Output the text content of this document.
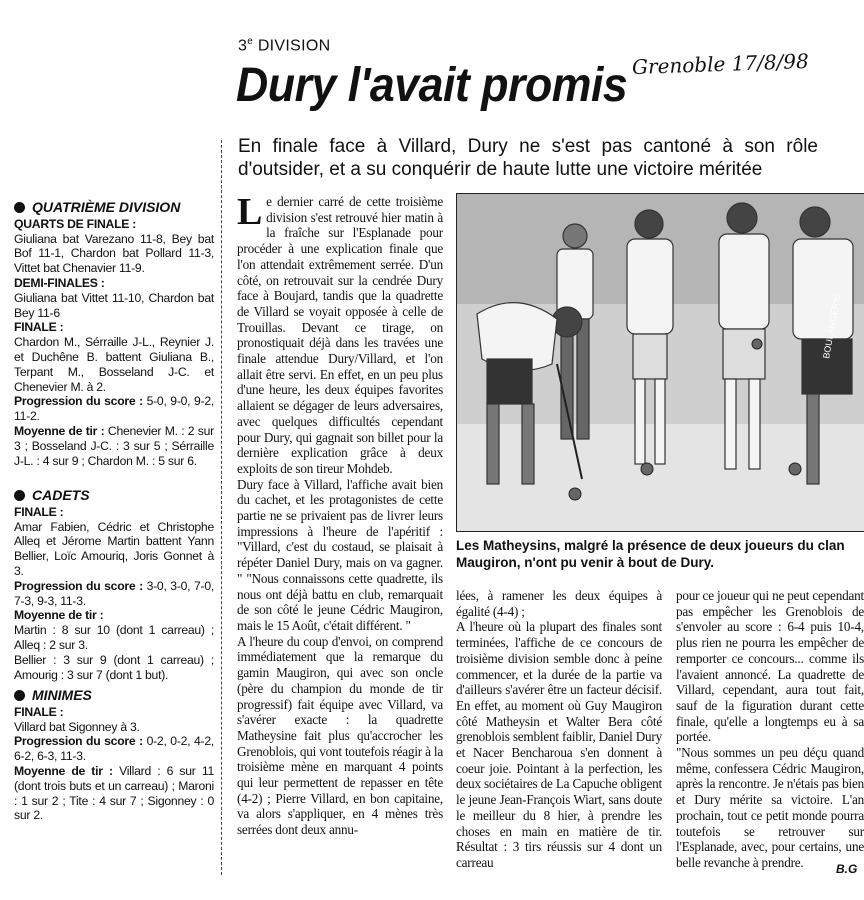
3e DIVISION
Dury l'avait promis Grenoble 17/8/98
En finale face à Villard, Dury ne s'est pas cantoné à son rôle d'outsider, et a su conquérir de haute lutte une victoire méritée
QUATRIÈME DIVISION

QUARTS DE FINALE :

Giuliana bat Varezano 11-8, Bey bat Bof 11-1, Chardon bat Pollard 11-3, Vittet bat Chenavier 11-9.

DEMI-FINALES :

Giuliana bat Vittet 11-10, Chardon bat Bey 11-6

FINALE :

Chardon M., Sérraille J-L., Reynier J. et Duchêne B. battent Giuliana B., Terpant M., Bosseland J-C. et Chenevier M. à 2.

Progression du score : 5-0, 9-0, 9-2, 11-2.

Moyenne de tir : Chenevier M. : 2 sur 3 ; Bosseland J-C. : 3 sur 5 ; Sérraille J-L. : 4 sur 9 ; Chardon M. : 5 sur 6.

CADETS

FINALE :

Amar Fabien, Cédric et Christophe Alleq et Jérome Martin battent Yann Bellier, Loïc Amouriq, Joris Gonnet à 3.

Progression du score : 3-0, 3-0, 7-0, 7-3, 9-3, 11-3.

Moyenne de tir :

Martin : 8 sur 10 (dont 1 carreau) ; Alleq : 2 sur 3.

Bellier : 3 sur 9 (dont 1 carreau) ; Amourig : 3 sur 7 (dont 1 but).

MINIMES

FINALE :

Villard bat Sigonney à 3.

Progression du score : 0-2, 0-2, 4-2, 6-2, 6-3, 11-3.

Moyenne de tir : Villard : 6 sur 11 (dont trois buts et un carreau) ; Maroni : 1 sur 2 ; Tite : 4 sur 7 ; Sigonney : 0 sur 2.

Le dernier carré de cette troisième division s'est retrouvé hier matin à la fraîche sur l'Esplanade pour procéder à une explication finale que l'on attendait extrêmement serrée. D'un côté, on retrouvait sur la cendrée Dury face à Boujard, tandis que la quadrette de Villard se voyait opposée à celle de Trouillas. Devant ce tirage, on pronostiquait déjà dans les travées une finale attendue Dury/Villard, et l'on allait être servi. En effet, en un peu plus d'une heure, les deux équipes favorites allaient se dégager de leurs adversaires, avec quelques difficultés cependant pour Dury, qui gagnait son billet pour la dernière explication grâce à deux exploits de son tireur Mohdeb.

Dury face à Villard, l'affiche avait bien du cachet, et les protagonistes de cette partie ne se privaient pas de livrer leurs impressions à l'heure de l'apéritif : "Villard, c'est du costaud, se plaisait à répéter Daniel Dury, mais on va gagner. " "Nous connaissons cette quadrette, ils nous ont déjà battu en club, remarquait de son côté le jeune Cédric Maugiron, mais le 15 Août, c'était différent. "

A l'heure du coup d'envoi, on comprend immédiatement que la remarque du gamin Maugiron, qui avec son oncle (père du champion du monde de tir progressif) fait équipe avec Villard, va s'avérer exacte : la quadrette Matheysine fait plus qu'accrocher les Grenoblois, qui vont toutefois réagir à la troisième mène en marquant 4 points qui leur permettent de repasser en tête (4-2) ; Pierre Villard, en bon capitaine, va alors s'appliquer, en 4 mènes très serrées dont deux annu-

BOULANGERIE
Les Matheysins, malgré la présence de deux joueurs du clan Maugiron, n'ont pu venir à bout de Dury.

lées, à ramener les deux équipes à égalité (4-4) ;

A l'heure où la plupart des finales sont terminées, l'affiche de ce concours de troisième division semble donc à peine commencer, et la durée de la partie va d'ailleurs s'avérer être un facteur décisif. En effet, au moment où Guy Maugiron côté Matheysin et Walter Bera côté grenoblois semblent faiblir, Daniel Dury et Nacer Bencharoua s'en donnent à coeur joie. Pointant à la perfection, les deux sociétaires de La Capuche obligent le jeune Jean-François Wiart, sans doute le meilleur du 8 hier, à prendre les choses en main en matière de tir. Résultat : 3 tirs réussis sur 4 dont un carreau

pour ce joueur qui ne peut cependant pas empêcher les Grenoblois de s'envoler au score : 6-4 puis 10-4, plus rien ne pourra les empêcher de remporter ce concours... comme ils l'avaient annoncé. La quadrette de Villard, cependant, aura tout fait, sauf de la figuration durant cette finale, qu'elle a longtemps eu à sa portée.

"Nous sommes un peu déçu quand même, confessera Cédric Maugiron, après la rencontre. Je n'étais pas bien et Dury mérite sa victoire. L'an prochain, tout ce petit monde pourra toutefois se retrouver sur l'Esplanade, avec, pour certains, une belle revanche à prendre.	B.G
